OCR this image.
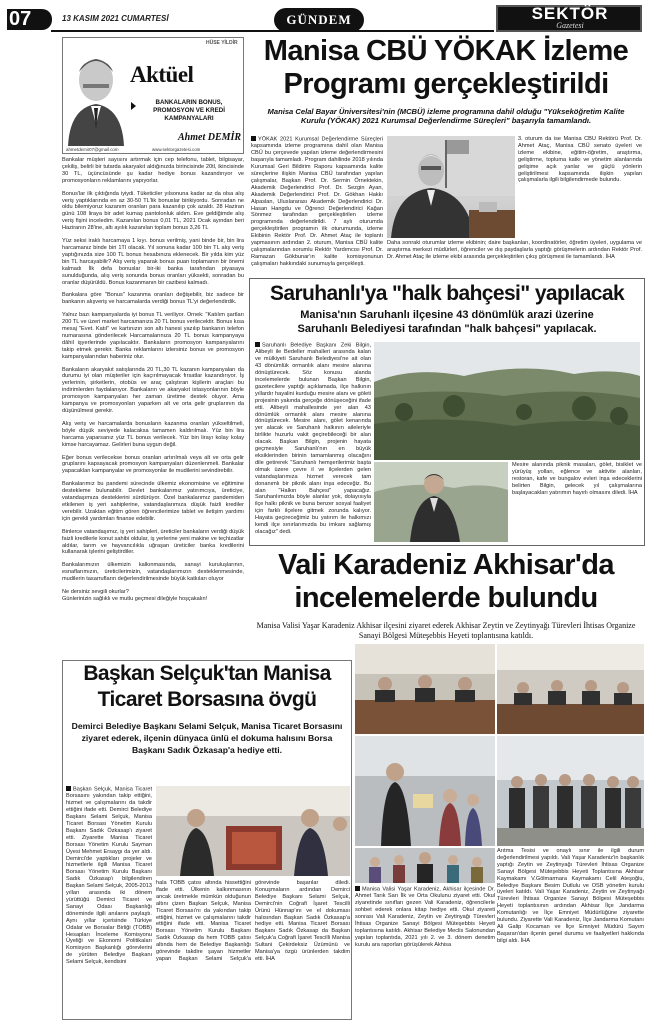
07	13 KASIM 2021 CUMARTESİ	GÜNDEM	SEKTÖR
Gazetesi
HÜSE YİLDİR
Aktüel
BANKALARIN BONUS, PROMOSYON VE KREDİ KAMPANYALARI
Ahmet DEMİR
ahmetdemir07@gmail.com	www.sektorgazetesi.com

Bankalar müşteri sayısını artırmak için cep telefonu, tablet, bilgisayar, çekiliş, belirli bir tutarda akaryakıt aldığınızda birincisinde 20tl, ikincisinde 30 TL, üçüncüsünde şu kadar hediye bonus kazandırıyor ve promosyonların reklamlarını yapıyorlar.

Bonus'lar ilk çıktığında iyiydi. Tüketiciler yılsonuna kadar az da olsa alış veriş yaptıklarında en az 30-50 TL'lik bonuslar birikiyordu. Sonradan ne oldu bilemiyoruz kazanım oranları para kazanılıp çok azaldı. 28 Haziran günü 108 liraya bir adet kumaş pantolonluk aldım. Eve geldiğimde alış veriş fişini inceledim. Kazanılan bonus 0,01 TL, 2021 Ocak ayından beri Haziranın 28'ine, altı ayılık kazanılan toplam bonus 3,26 TL

Yüz seksi iraklı harcamaya 1 kıyı. bonus verilmiş, yani binde bir, bin lira harcamanız binde biri 1Tl olacak. Yıl sonuna kadar 100 bin TL alış veriş yaptığınızda size 100 TL bonus hesabınıza eklenecek. Bir yılda kim yüz bin TL harcayabilir? Alış veriş yaparak bonus puan toplamanın bir önemi kalmadı İlk defa bonuslar bir-iki banka tarafından piyasaya sunulduğunda, alış veriş sonunda bonus oranları yüksekti, sonradan bu oranlar düşürüldü. Bonus kazanmanın bir cazibesi kalmadı.

Bankalara göre "Bonus" kazanma oranları değişebilir, biz sadece bir bankanın alışveriş ve harcamalarda verdiği bonus TL'yi değerlendirdik.

Yalnız bazı kampanyalarda iyi bonus TL veriliyor. Örnek: "Katılım şartları 200 TL ve üzeri market harcamanıza 20 TL bonus verilecektir. Bonus kısa mesaj "Evet. Katıl" ve kartınızın son altı hanesi yazılıp bankanın telefon numarasına gönderilecek Harcamalarınıza 20 TL bonus kampanyaya dâhil işyerlerinde yapılacaktır. Bankaların promosyon kampanyalarını takip etmek gerekir. Banka reklamlarını izlersiniz bonus ve promosyon kampanyalarından haberiniz olur.

Bankaların akaryakıt satışlarında 20 TL,30 TL kazanın kampanyaları da durumu iyi olan müşteriler için kaçırılmayacak fırsatlar kazandırıyor. İş yerlerinin, şirketlerin, otobüs ve araç çalıştıran kişilerin araçları bu indirimlerden faydalanıyor. Bankaların ve akaryakıt istasyonlarının böyle promosyon kampanyaları her zaman üretime destek oluyor. Ama kampanya ve promosyonları yaparken alt ve orta gelir gruplarının da düşünülmesi gerekir.

Alış veriş ve harcamalarda bonusların kazanma oranları yükseltilmeli, böyle düşük seviyede kalacaksa tamamen kaldırılmalı. Yüz bin lira harcama yaparsanız yüz TL bonus verilecek. Yüz bin lirayı kolay kolay kimse harcayamaz. Gelirleri buna uygun değil.

Eğer bonus verilecekse bonus oranları artırılmalı veya alt ve orta gelir gruplarını kapsayacak promosyon kampanyaları düzenlenmeli. Bankalar yapacakları kampanyalar ve promosyonlar ile mudilerini sevindirebilir.

Bankalarımız bu pandemi sürecinde ülkemiz ekonomisine ve eğitimine destekleme bulunabilir. Devlet bankalarımız yatırımcıya, üreticiye, vatandaşımıza desteklerini sürdürüyor. Özel bankalarımız pandemiden etkilenen iş yeri sahiplerine, vatandaşlarımıza düşük faizli krediler verebilir. Uzaktan eğitim gören öğrencilerimize tablet ve iletişim yardımı için gerekli yardımları finanse edebilir.

Binlerce vatandaşımız, iş yeri sahipleri, üreticiler bankaların verdiği düşük faizli kredilerle konut sahibi oldular, iş yerlerine yeni makine ve teçhizatlar aldılar, tarım ve hayvancılıkla uğraşan üreticiler banka kredilerini kullanarak işlerini geliştirdiler.

Bankalarımızın ülkemizin kalkınmasında, sanayi kuruluşlarının, esnaflarımızın, üreticilerimizin, vatandaşlarımızın desteklenmesinde, mudilerin tasarrufların değerlendirilmesinde büyük katkıları oluyor

Ne dersiniz sevgili okurlar?
Günlerinizin sağlıklı ve mutlu geçmesi dileğiyle hoşçakalın!

Manisa CBÜ YÖKAK İzleme
Programı gerçekleştirildi
Manisa Celal Bayar Üniversitesi'nin (MCBÜ) izleme programına dahil olduğu "Yükseköğretim Kalite Kurulu (YÖKAK) 2021 Kurumsal Değerlendirme Süreçleri" başarıyla tamamlandı.
YÖKAK 2021 Kurumsal Değerlendirme Süreçleri kapsamında izleme programına dahil olan Manisa CBÜ bu çerçevede yapılan izleme değerlendirmesini başarıyla tamamladı. Program dahilinde 2018 yılında Kurumsal Geri Bildirim Raporu kapsamında kalite süreçlerine ilişkin Manisa CBÜ tarafından yapılan çalışmalar, Başkan Prof. Dr. Sermin Örnektekin, Akademik Değerlendirici Prof. Dr. Sezgin Ayan, Akademik Değerlendirici Prof. Dr. Gökhan Hakkı Alpaslan, Uluslararası Akademik Değerlendirici Dr. Hasan Hangdu ve Öğrenci Değerlendirici Kağan Sönmez tarafından gerçekleştirilen izleme programında değerlendirildi. 7 aylı oturumda gerçekleştirilen programın ilk oturumunda, izleme Ekibinin Rektör Prof. Dr. Ahmet Ataç ile toplantı yapmasının ardından 2. oturum, Manisa CBÜ kalite çalışmalarından sorumlu Rektör Yardımcısı Prof. Dr. Ramazan Gökbunar'ın kalite komisyonunun çalışmaları hakkındaki sunumuyla gerçekleşti.
3. oturum da ise Manisa CBÜ Rektörü Prof. Dr. Ahmet Ataç, Manisa CBÜ senato üyeleri ve izleme ekibine, eğitim-öğretim, araştırma, geliştirme, topluma katkı ve yönetim alanlarında gelişime açık yanlar ve güçlü yönlerin geliştirilmesi kapsamında ilişkin yapılan çalışmalarla ilgili bilgilendirmede bulundu.
Daha sonraki oturumlar izleme ekibinin; daire başkanları, koordinatörler, öğretim üyeleri, uygulama ve araştırma merkezi müdürleri, öğrenciler ve dış paydaşlarla yaptığı görüşmelerin ardından Rektör Prof. Dr. Ahmet Ataç ile izleme ekibi arasında gerçekleştirilen çıkış görüşmesi ile tamamlandı. İHA
Saruhanlı'ya "halk bahçesi" yapılacak
Manisa'nın Saruhanlı ilçesine 43 dönümlük arazi üzerine
Saruhanlı Belediyesi tarafından "halk bahçesi" yapılacak.
Saruhanlı Belediye Başkanı Zeki Bilgin, Alibeyli ile Bedeller mahalleri arasında kalan ve mülkiyeti Saruhanlı Belediyesi'ne ait olan 43 dönümlük ormanlık alanı mesire alanına dönüştürecek. Söz konusu alanda incelemelerde bulunan Başkan Bilgin, gazetecilere yaptığı açıklamada, ilçe halkının yıllardır hayalini kurduğu mesire alanı ve göleti projesinin yakında gerçeğe dönüşeceğini ifade etti. Alibeyli mahallesinde yer alan 43 dönümlük ormanlık alanı mesire alanına dönüştürecek. Mesire alanı, gölet kenarında yer alacak ve Saruhanlı halkının aileleriyle birlikte huzurlu vakit geçirebileceği bir alan olacak. Başkan Bilgin, projenin hayata geçmesiyle Saruhanlı'nın en büyük eksiklerinden birinin tamamlanmış olacağını dile getirerek "Saruhanlı hemşerilerimiz başta olmak üzere çevre il ve ilçelerden gelen vatandaşlarımıza hizmet verecek tam donanımlı bir piknik alanı inşa edeceğiz. Bu alan "Halkın Bahçesi" yapacağız. Saruhanlımızda böyle alanlar yok, dolayısıyla ilçe halkı piknik ve buna benzer sosyal faaliyet için farklı ilçelere gitmek zorunda kalıyor. Hayata geçireceğimiz bu yatırım ile halkımızı kendi ilçe sınırlarımızda bu imkanı sağlamış olacağız" dedi.
Mesire alanında piknik masaları, gölet, bisiklet ve yürüyüş yolları, eğlence ve aktivite alanları, restoran, kafe ve bungalov evleri inşa edeceklerini belirten Bilgin, gelecek yıl çalışmalarına başlayacakları yatırımın hayırlı olmasını diledi. İHA
Vali Karadeniz Akhisar'da
incelemelerde bulundu
Manisa Valisi Yaşar Karadeniz Akhisar ilçesini ziyaret ederek Akhisar Zeytin ve Zeytinyağı Türevleri İhtisas Organize Sanayi Bölgesi Müteşebbis Heyeti toplantısına katıldı.
Arıtma Tesisi ve onaylı sınır ile ilgili durum değerlendirilmesi yapıldı. Vali Yaşar Karadeniz'in başkanlık yaptığı Zeytin ve Zeytinyağı Türevleri İhtisas Organize Sanayi Bölgesi Müteşebbis Heyeti Toplantısına Akhisar Kaymakamı V.Gölmarmara Kaymakamı Celil Ateşoğlu, Belediye Başkanı Besim Dutlulu ve OSB yönetim kurulu üyeleri katıldı. Vali Yaşar Karadeniz, Zeytin ve Zeytinyağı Türevleri İhtisas Organize Sanayi Bölgesi Müteşebbis Heyeti toplantısının ardından Akhisar İlçe Jandarma Komutanlığı ve İlçe Emniyet Müdürlüğüne ziyarette bulundu. Ziyarette Vali Karadeniz, İlçe Jandarma Komutanı Ali Galip Kocaman ve İlçe Emniyet Müdürü Sayım Başaran'dan ilçenin genel durumu ve faaliyetleri hakkında bilgi aldı. İHA
Manisa Valisi Yaşar Karadeniz, Akhisar ilçesinde Dr. Ahmet Tarık Sarı İlk ve Orta Okulunu ziyaret etti. Okul ziyaretinde sınıfları gezen Vali Karadeniz, öğrencilerle sohbet ederek onlara kitap hediye etti. Okul ziyareti sonrası Vali Karadeniz, Zeytin ve Zeytinyağı Türevleri İhtisas Organize Sanayi Bölgesi Müteşebbis Heyeti toplantısına katıldı. Akhisar Belediye Meclis Salonundan yapılan toplantıda, 2021 yılı 2. ve 3. dönem denetim kurulu ara raporları görüşülerek Akhisa
Başkan Selçuk'tan Manisa
Ticaret Borsasına övgü
Demirci Belediye Başkanı Selami Selçuk, Manisa Ticaret Borsasını ziyaret ederek, ilçenin dünyaca ünlü el dokuma halısını Borsa Başkanı Sadık Özkasap'a hediye etti.
Başkan Selçuk, Manisa Ticaret Borsasını yakından takip ettiğini, hizmet ve çalışmalarını da takdir ettiğini ifade etti. Demirci Belediye Başkanı Selami Selçuk, Manisa Ticaret Borsası Yönetim Kurulu Başkanı Sadık Özkasap'ı ziyaret etti. Ziyarette Manisa Ticaret Borsası Yönetim Kurulu Sayman Üyesi Mehmet Ersaygı da yer aldı. Demirci'de yaptıkları projeler ve hizmetlerle ilgili Manisa Ticaret Borsası Yönetim Kurulu Başkanı Sadık Özkasap'ı bilgilendiren Başkan Selami Selçuk, 2005-2013 yılları arasında iki dönem yürüttüğü Demirci Ticaret ve Sanayi Odası Başkanlığı döneminde ilgili anılarını paylaştı. Aynı yıllar içerisinde Türkiye Odalar ve Borsalar Birliği (TOBB) Hesapları İnceleme Komisyonu Üyeliği ve Ekonomi Politikaları Komisyon Başkanlığı görevlerini de yürüten Belediye Başkanı Selami Selçuk, kendisini
hala TOBB çatısı altında hissettiğini ifade etti. Ülkenin kalkınmasının ancak üretmekle mümkün olduğunun altını çizen Başkan Selçuk, Manisa Ticaret Borsası'nı da yakından takip ettiğini, hizmet ve çalışmalarını takdir ettiğini ifade etti. Manisa Ticaret Borsası Yönetim Kurulu Başkanı Sadık Özkasap da hem TOBB çatısı altında hem de Belediye Başkanlığı görevinde takdire şayan hizmetler yapan Başkan Selami Selçuk'a görevinde başarılar diledi. Konuşmaların ardından Demirci Belediye Başkanı Selami Selçuk, Demirci'nin Coğrafi İşaret Tescilli Ürünü Hünnap'ını ve el dokuması halısından Başkan Sadık Özkasap'a hediye etti. Manisa Ticaret Borsası Başkanı Sadık Özkasap da Başkan Selçuk'a Coğrafi İşaret Tescilli Manisa Sultani Çekirdeksiz Üzümünü ve Manisa'ya özgü ürünlerden takdim etti. İHA
